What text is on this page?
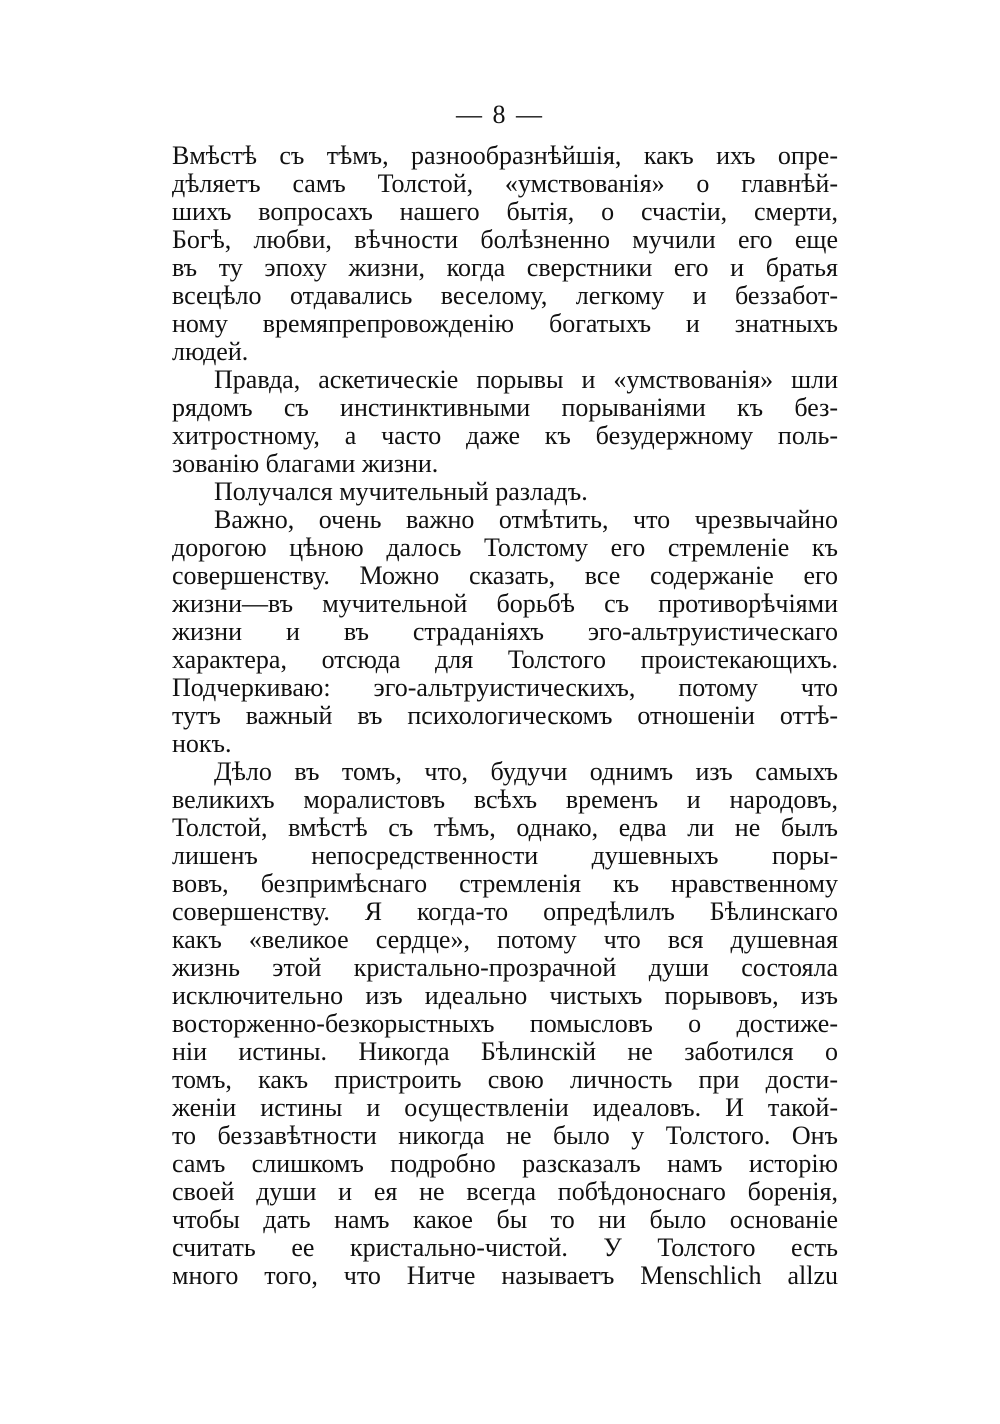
— 8 —
Вмѣстѣ съ тѣмъ, разнообразнѣйшія, какъ ихъ опре-
дѣляетъ самъ Толстой, «умствованія» о главнѣй-
шихъ вопросахъ нашего бытія, о счастіи, смерти,
Богѣ, любви, вѣчности болѣзненно мучили его еще
въ ту эпоху жизни, когда сверстники его и братья
всецѣло отдавались веселому, легкому и беззабот-
ному времяпрепровожденію богатыхъ и знатныхъ
людей.
Правда, аскетическіе порывы и «умствованія» шли
рядомъ съ инстинктивными порываніями къ без-
хитростному, а часто даже къ безудержному поль-
зованію благами жизни.
Получался мучительный разладъ.
Важно, очень важно отмѣтить, что чрезвычайно
дорогою цѣною далось Толстому его стремленіе къ
совершенству. Можно сказать, все содержаніе его
жизни—въ мучительной борьбѣ съ противорѣчіями
жизни и въ страданіяхъ эго-альтруистическаго
характера, отсюда для Толстого проистекающихъ.
Подчеркиваю: эго-альтруистическихъ, потому что
тутъ важный въ психологическомъ отношеніи оттѣ-
нокъ.
Дѣло въ томъ, что, будучи однимъ изъ самыхъ
великихъ моралистовъ всѣхъ временъ и народовъ,
Толстой, вмѣстѣ съ тѣмъ, однако, едва ли не былъ
лишенъ непосредственности душевныхъ поры-
вовъ, безпримѣснаго стремленія къ нравственному
совершенству. Я когда-то опредѣлилъ Бѣлинскаго
какъ «великое сердце», потому что вся душевная
жизнь этой кристально-прозрачной души состояла
исключительно изъ идеально чистыхъ порывовъ, изъ
восторженно-безкорыстныхъ помысловъ о достиже-
ніи истины. Никогда Бѣлинскій не заботился о
томъ, какъ пристроить свою личность при дости-
женіи истины и осуществленіи идеаловъ. И такой-
то беззавѣтности никогда не было у Толстого. Онъ
самъ слишкомъ подробно разсказалъ намъ исторію
своей души и ея не всегда побѣдоноснаго боренія,
чтобы дать намъ какое бы то ни было основаніе
считать ее кристально-чистой. У Толстого есть
много того, что Нитче называетъ Menschlich allzu
